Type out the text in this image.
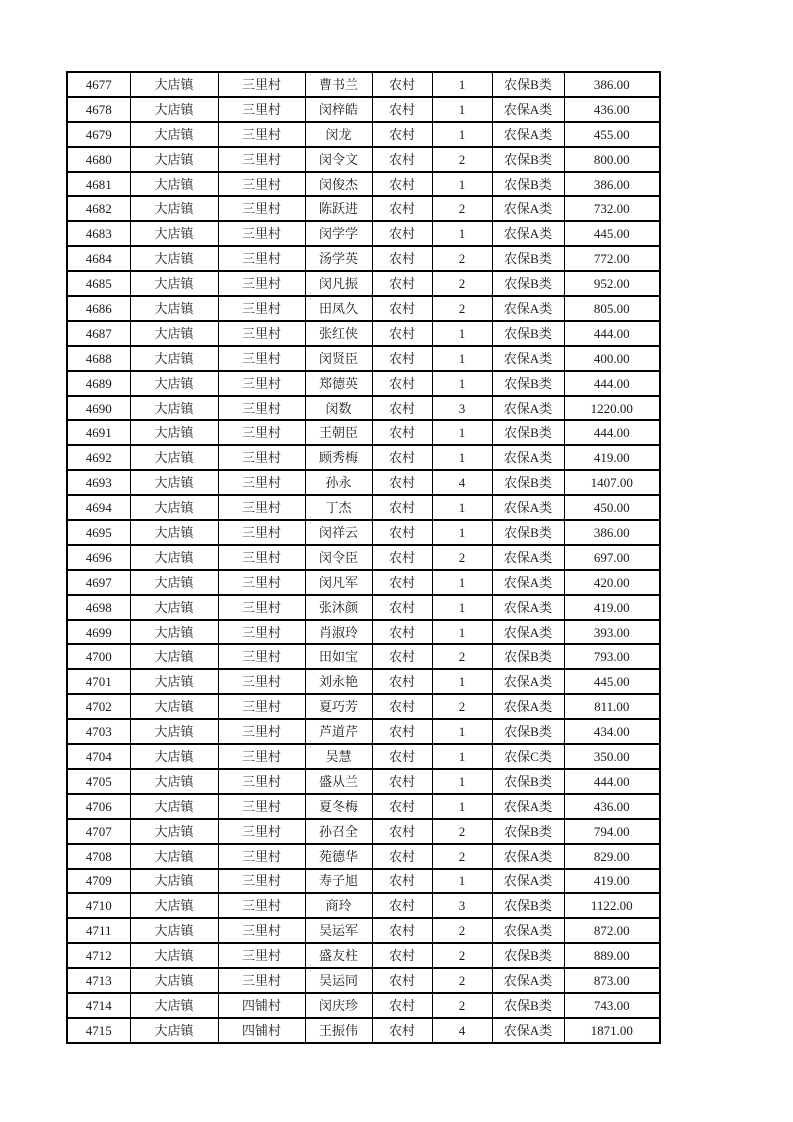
4677	大店镇	三里村	曹书兰	农村	1	农保B类	386.00
4678	大店镇	三里村	闵梓皓	农村	1	农保A类	436.00
4679	大店镇	三里村	闵龙	农村	1	农保A类	455.00
4680	大店镇	三里村	闵令文	农村	2	农保B类	800.00
4681	大店镇	三里村	闵俊杰	农村	1	农保B类	386.00
4682	大店镇	三里村	陈跃进	农村	2	农保A类	732.00
4683	大店镇	三里村	闵学学	农村	1	农保A类	445.00
4684	大店镇	三里村	汤学英	农村	2	农保B类	772.00
4685	大店镇	三里村	闵凡振	农村	2	农保B类	952.00
4686	大店镇	三里村	田凤久	农村	2	农保A类	805.00
4687	大店镇	三里村	张红侠	农村	1	农保B类	444.00
4688	大店镇	三里村	闵贤臣	农村	1	农保A类	400.00
4689	大店镇	三里村	郑德英	农村	1	农保B类	444.00
4690	大店镇	三里村	闵数	农村	3	农保A类	1220.00
4691	大店镇	三里村	王朝臣	农村	1	农保B类	444.00
4692	大店镇	三里村	顾秀梅	农村	1	农保A类	419.00
4693	大店镇	三里村	孙永	农村	4	农保B类	1407.00
4694	大店镇	三里村	丁杰	农村	1	农保A类	450.00
4695	大店镇	三里村	闵祥云	农村	1	农保B类	386.00
4696	大店镇	三里村	闵令臣	农村	2	农保A类	697.00
4697	大店镇	三里村	闵凡军	农村	1	农保A类	420.00
4698	大店镇	三里村	张沐颜	农村	1	农保A类	419.00
4699	大店镇	三里村	肖淑玲	农村	1	农保A类	393.00
4700	大店镇	三里村	田如宝	农村	2	农保B类	793.00
4701	大店镇	三里村	刘永艳	农村	1	农保A类	445.00
4702	大店镇	三里村	夏巧芳	农村	2	农保A类	811.00
4703	大店镇	三里村	芦道芹	农村	1	农保B类	434.00
4704	大店镇	三里村	吴慧	农村	1	农保C类	350.00
4705	大店镇	三里村	盛从兰	农村	1	农保B类	444.00
4706	大店镇	三里村	夏冬梅	农村	1	农保A类	436.00
4707	大店镇	三里村	孙召全	农村	2	农保B类	794.00
4708	大店镇	三里村	苑德华	农村	2	农保A类	829.00
4709	大店镇	三里村	寿子旭	农村	1	农保A类	419.00
4710	大店镇	三里村	商玲	农村	3	农保B类	1122.00
4711	大店镇	三里村	吴运军	农村	2	农保A类	872.00
4712	大店镇	三里村	盛友柱	农村	2	农保B类	889.00
4713	大店镇	三里村	吴运同	农村	2	农保A类	873.00
4714	大店镇	四铺村	闵庆珍	农村	2	农保B类	743.00
4715	大店镇	四铺村	王振伟	农村	4	农保A类	1871.00
